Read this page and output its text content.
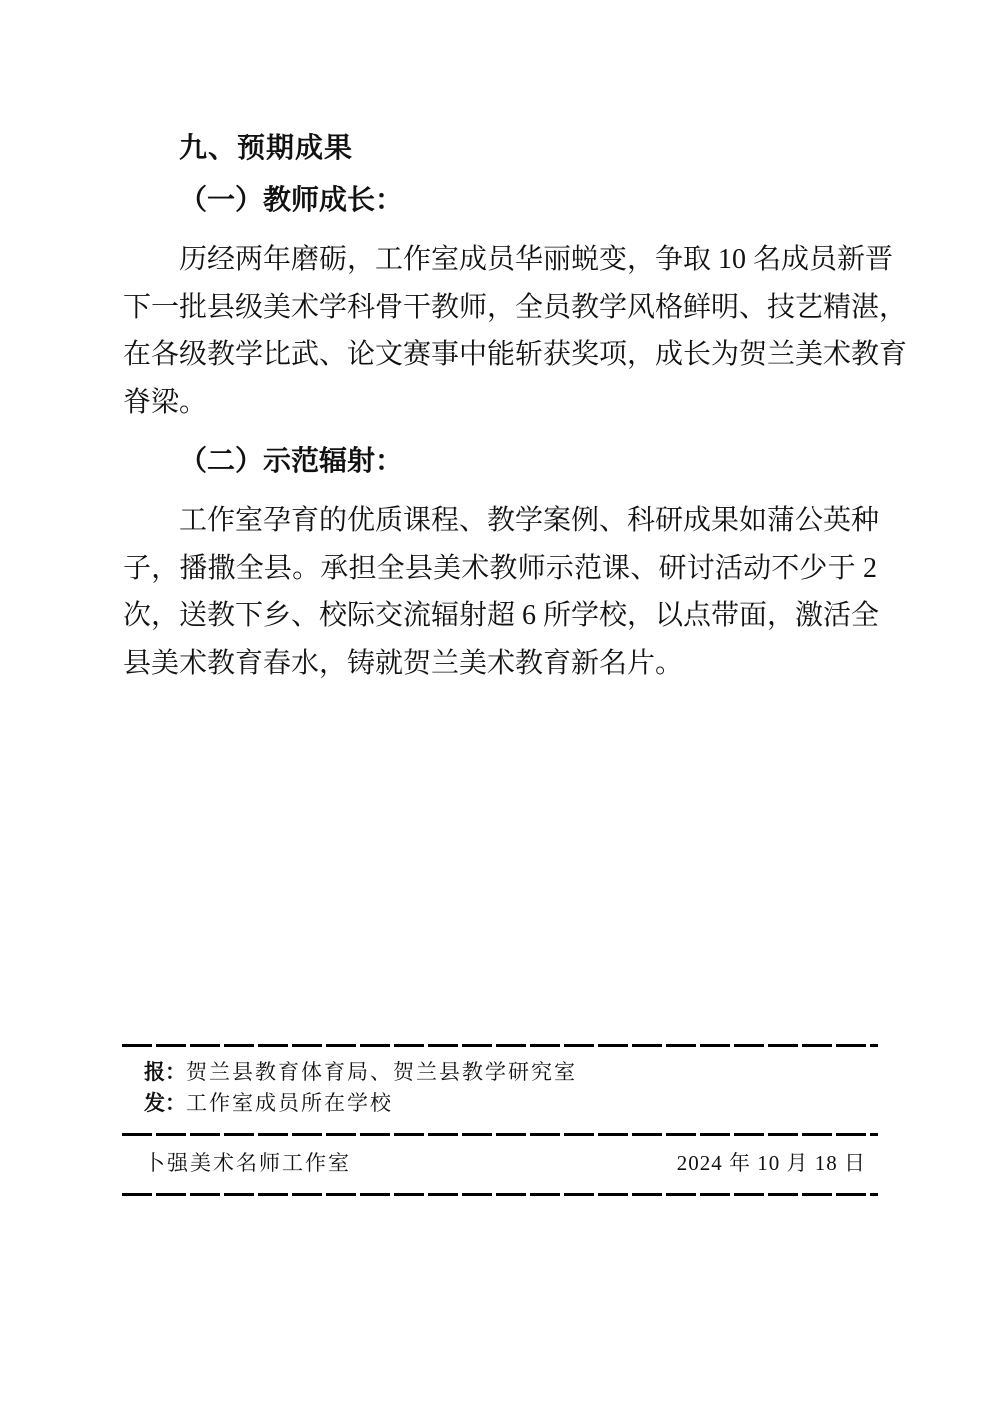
九、预期成果
（一）教师成长：
历经两年磨砺，工作室成员华丽蜕变，争取 10 名成员新晋
下一批县级美术学科骨干教师，全员教学风格鲜明、技艺精湛，
在各级教学比武、论文赛事中能斩获奖项，成长为贺兰美术教育
脊梁。
（二）示范辐射：
工作室孕育的优质课程、教学案例、科研成果如蒲公英种
子，播撒全县。承担全县美术教师示范课、研讨活动不少于 2
次，送教下乡、校际交流辐射超 6 所学校，以点带面，激活全
县美术教育春水，铸就贺兰美术教育新名片。
报： 贺兰县教育体育局、贺兰县教学研究室
发： 工作室成员所在学校
卜强美术名师工作室	2024 年 10 月 18 日
